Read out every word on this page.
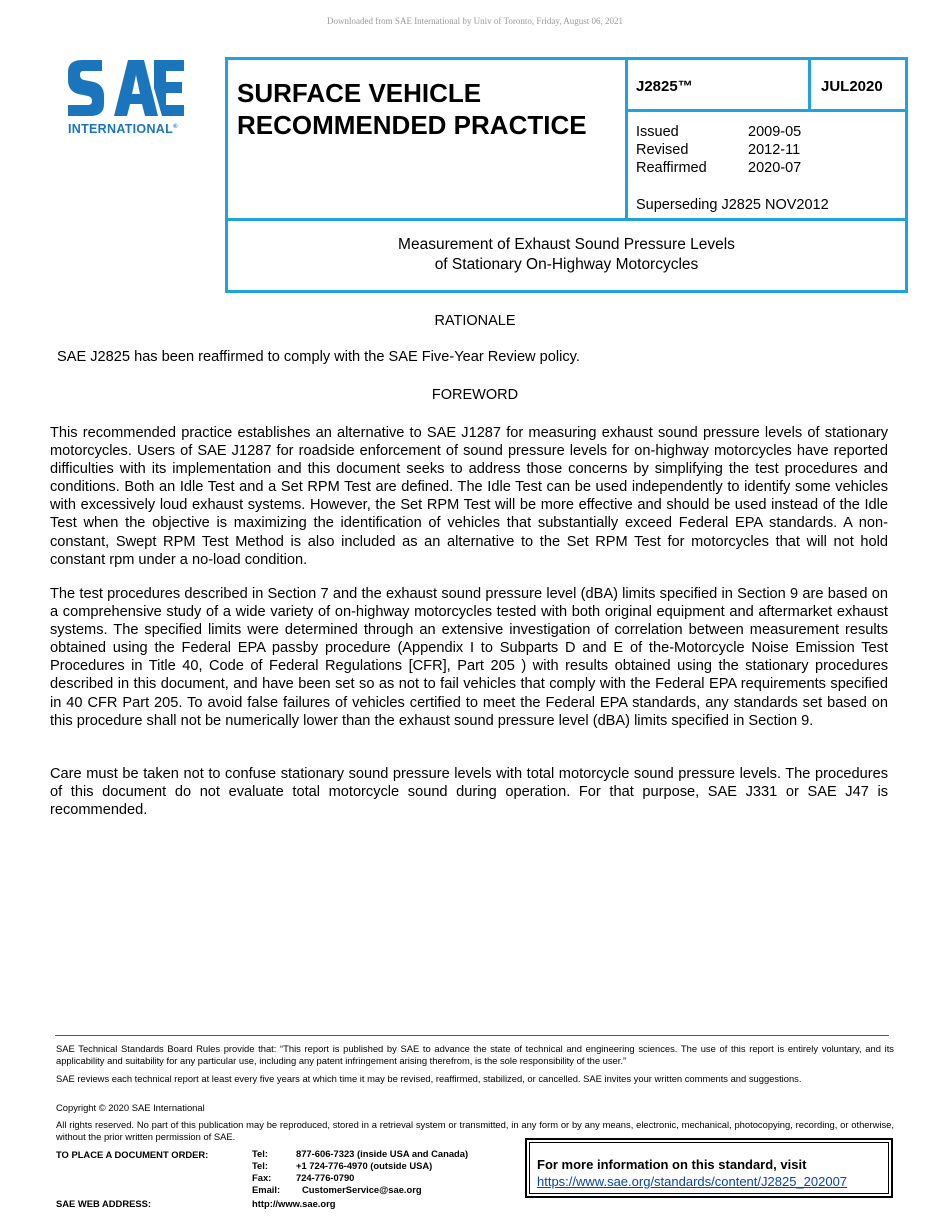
Downloaded from SAE International by Univ of Toronto, Friday, August 06, 2021
INTERNATIONAL®
SURFACE VEHICLE
RECOMMENDED PRACTICE
J2825™	JUL2020
Issued	2009-05
Revised	2012-11
Reaffirmed	2020-07
Superseding J2825 NOV2012
Measurement of Exhaust Sound Pressure Levels
of Stationary On-Highway Motorcycles
RATIONALE
SAE J2825 has been reaffirmed to comply with the SAE Five-Year Review policy.
FOREWORD
This recommended practice establishes an alternative to SAE J1287 for measuring exhaust sound pressure levels of stationary motorcycles. Users of SAE J1287 for roadside enforcement of sound pressure levels for on-highway motorcycles have reported difficulties with its implementation and this document seeks to address those concerns by simplifying the test procedures and conditions. Both an Idle Test and a Set RPM Test are defined. The Idle Test can be used independently to identify some vehicles with excessively loud exhaust systems. However, the Set RPM Test will be more effective and should be used instead of the Idle Test when the objective is maximizing the identification of vehicles that substantially exceed Federal EPA standards. A non-constant, Swept RPM Test Method is also included as an alternative to the Set RPM Test for motorcycles that will not hold constant rpm under a no-load condition.
The test procedures described in Section 7 and the exhaust sound pressure level (dBA) limits specified in Section 9 are based on a comprehensive study of a wide variety of on-highway motorcycles tested with both original equipment and aftermarket exhaust systems. The specified limits were determined through an extensive investigation of correlation between measurement results obtained using the Federal EPA passby procedure (Appendix I to Subparts D and E of the-Motorcycle Noise Emission Test Procedures in Title 40, Code of Federal Regulations [CFR], Part 205 ) with results obtained using the stationary procedures described in this document, and have been set so as not to fail vehicles that comply with the Federal EPA requirements specified in 40 CFR Part 205. To avoid false failures of vehicles certified to meet the Federal EPA standards, any standards set based on this procedure shall not be numerically lower than the exhaust sound pressure level (dBA) limits specified in Section 9.
Care must be taken not to confuse stationary sound pressure levels with total motorcycle sound pressure levels. The procedures of this document do not evaluate total motorcycle sound during operation. For that purpose, SAE J331 or SAE J47 is recommended.
SAE Technical Standards Board Rules provide that: “This report is published by SAE to advance the state of technical and engineering sciences. The use of this report is entirely voluntary, and its applicability and suitability for any particular use, including any patent infringement arising therefrom, is the sole responsibility of the user.”
SAE reviews each technical report at least every five years at which time it may be revised, reaffirmed, stabilized, or cancelled. SAE invites your written comments and suggestions.
Copyright © 2020 SAE International
All rights reserved. No part of this publication may be reproduced, stored in a retrieval system or transmitted, in any form or by any means, electronic, mechanical, photocopying, recording, or otherwise, without the prior written permission of SAE.
TO PLACE A DOCUMENT ORDER:	Tel:	877-606-7323 (inside USA and Canada)
Tel:	+1 724-776-4970 (outside USA)
Fax:	724-776-0790
Email: CustomerService@sae.org
SAE WEB ADDRESS:	http://www.sae.org
For more information on this standard, visit
https://www.sae.org/standards/content/J2825_202007
